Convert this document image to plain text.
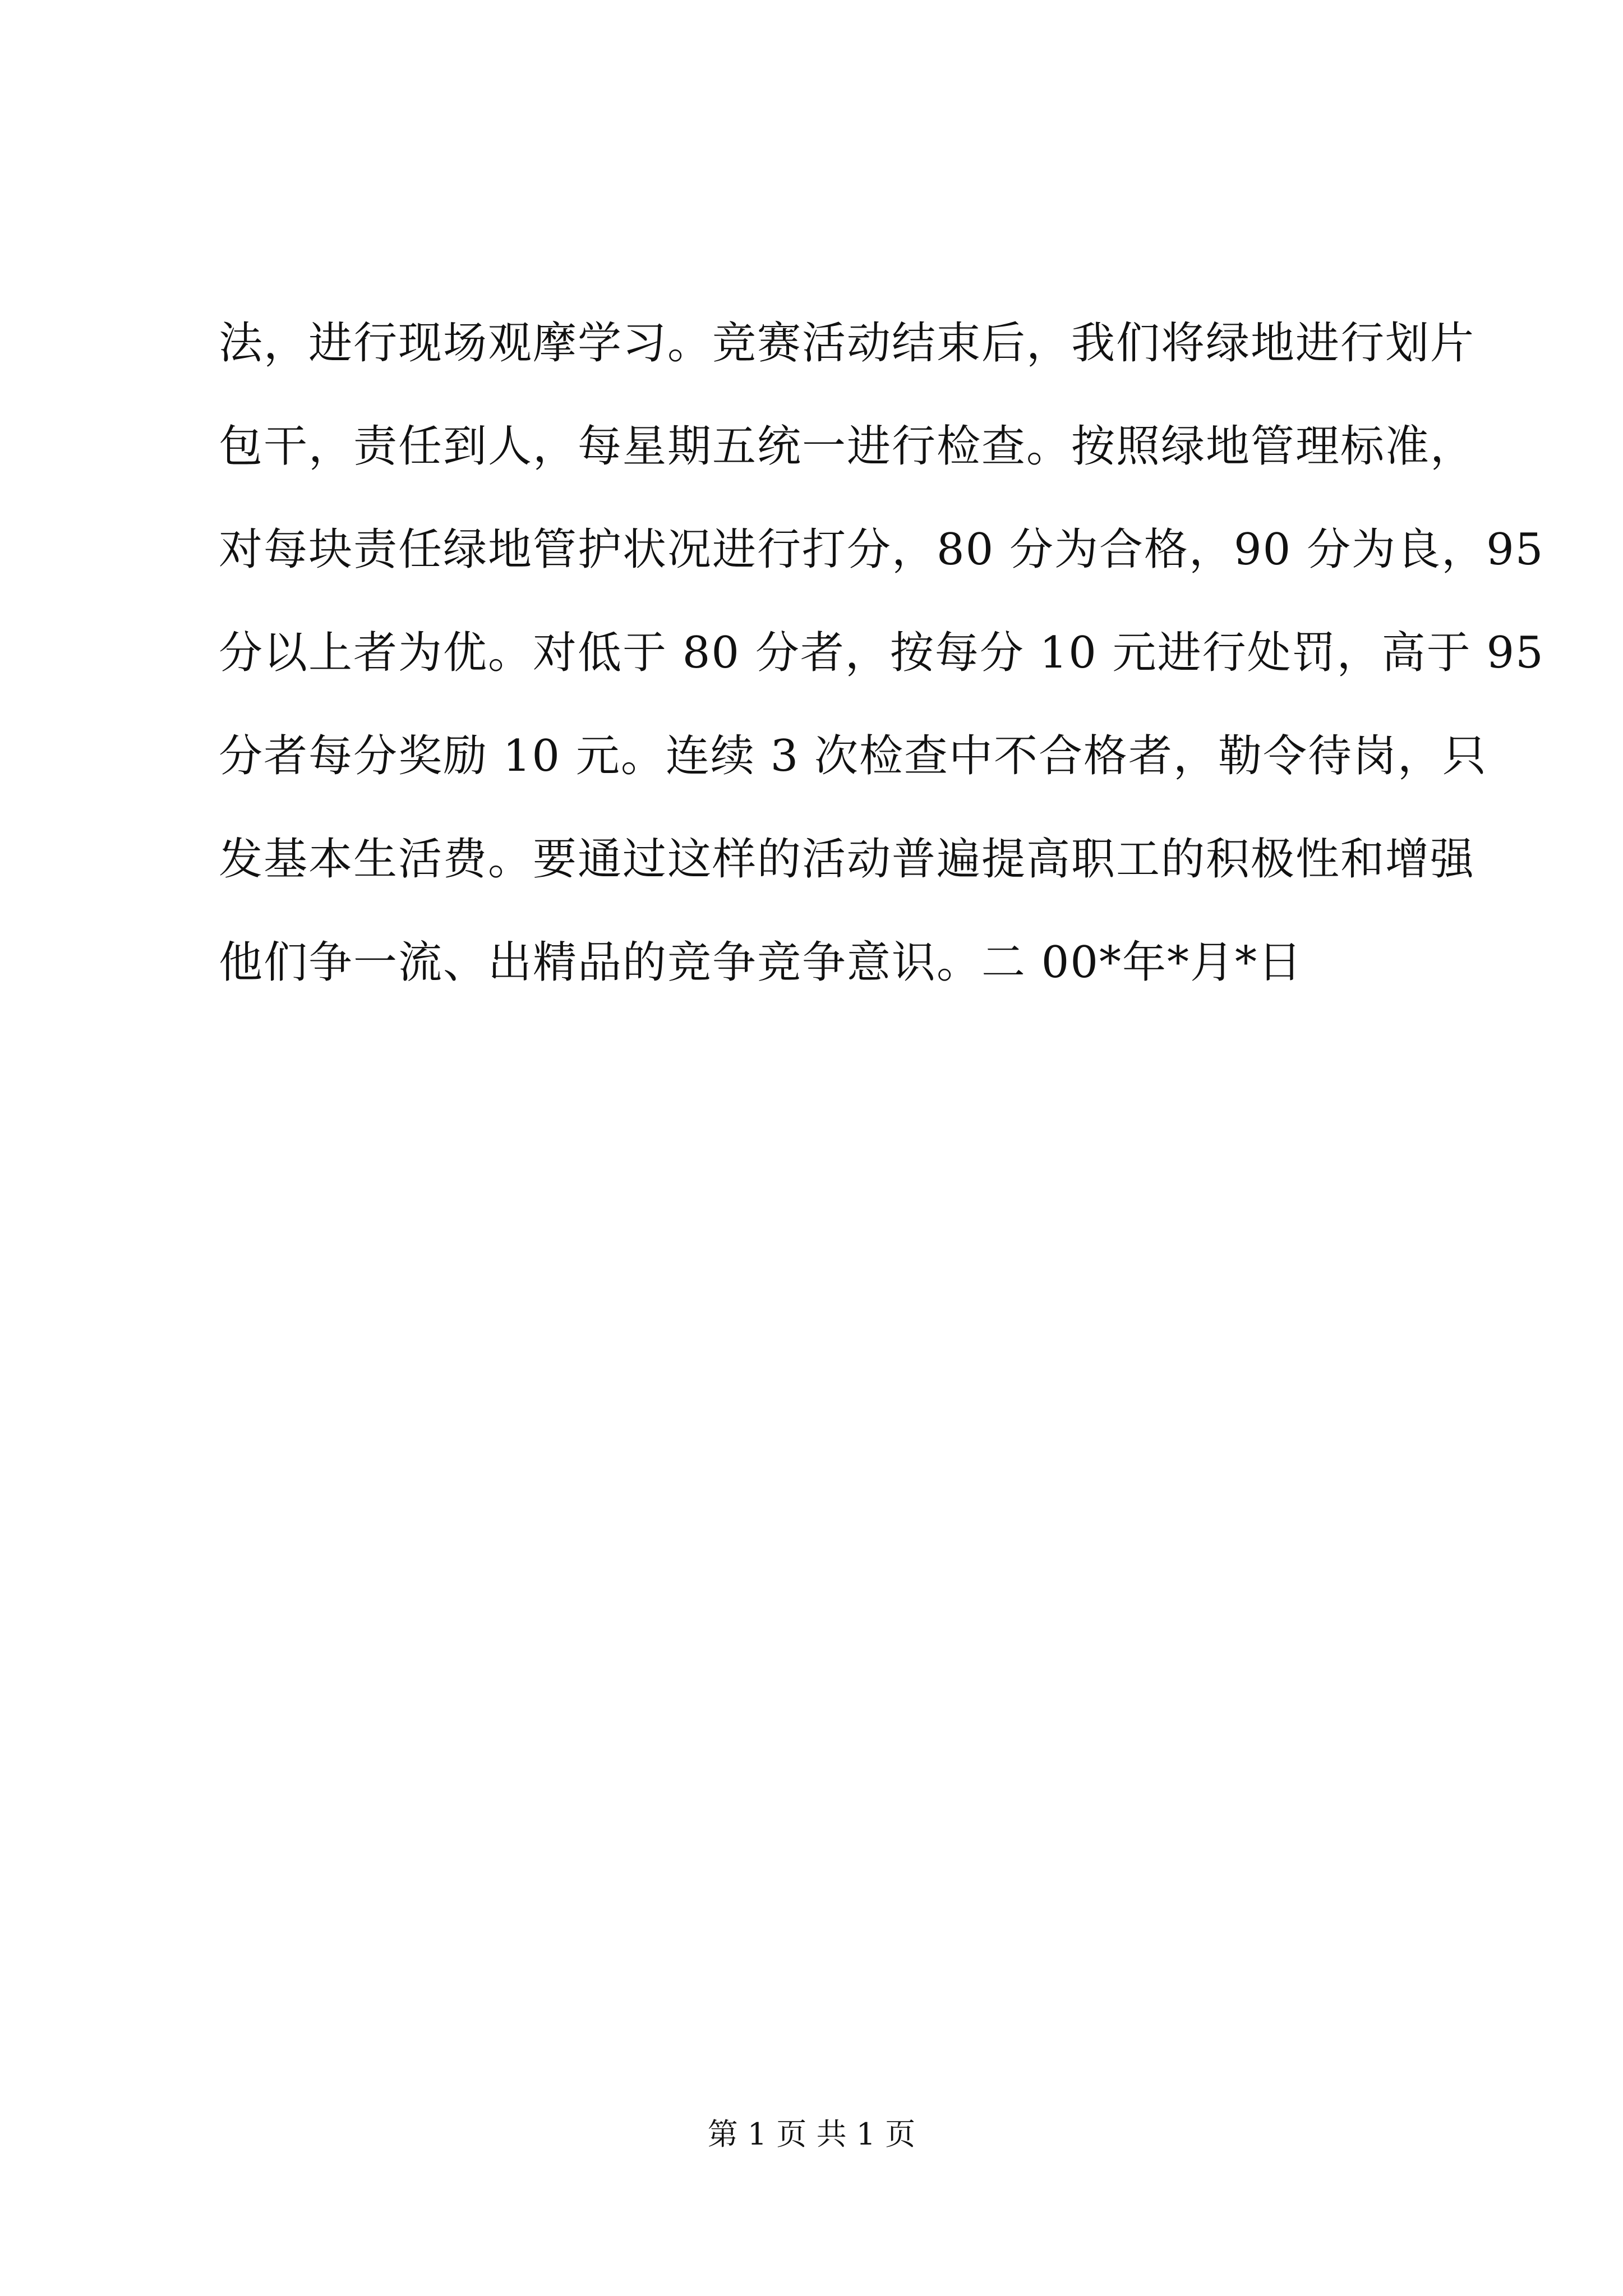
法，进行现场观摩学习。竞赛活动结束后，我们将绿地进行划片
包干，责任到人，每星期五统一进行检查。按照绿地管理标准，
对每块责任绿地管护状况进行打分，80 分为合格，90 分为良，95
分以上者为优。对低于 80 分者，按每分 10 元进行处罚，高于 95
分者每分奖励 10 元。连续 3 次检查中不合格者，勒令待岗，只
发基本生活费。要通过这样的活动普遍提高职工的积极性和增强
他们争一流、出精品的竞争竞争意识。二 00*年*月*日
第 1 页 共 1 页
